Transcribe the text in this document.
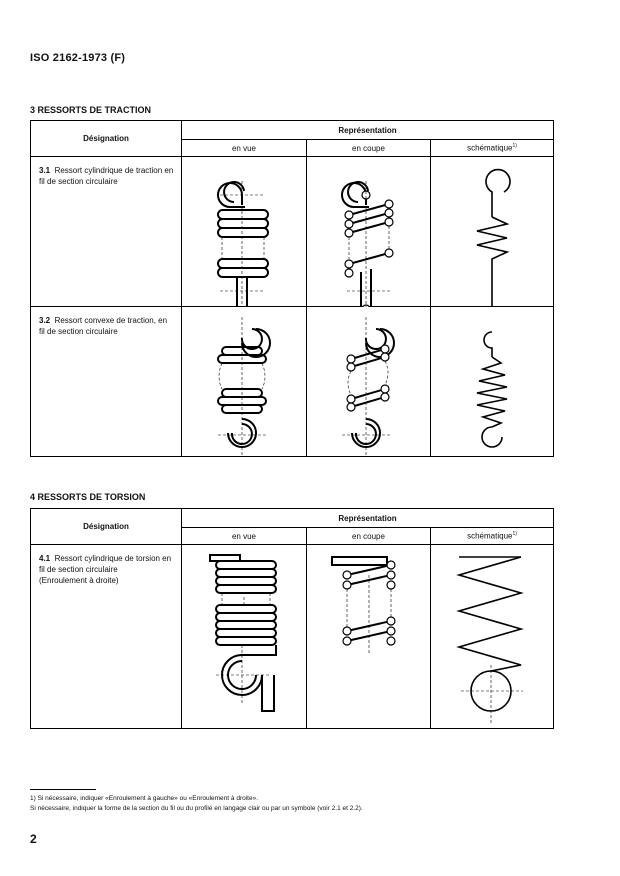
ISO 2162-1973 (F)
3 RESSORTS DE TRACTION
Désignation	Représentation		
	en vue	en coupe	schématique$^{1)}$
3.1 Ressort cylindrique de traction en fil de section circulaire	

3.2 Ressort convexe de traction, en fil de section circulaire	

4 RESSORTS DE TORSION
Désignation	Représentation		
	en vue	en coupe	schématique$^{1)}$
4.1 Ressort cylindrique de torsion en fil de section circulaire
(Enroulement à droite)	

1) Si nécessaire, indiquer «Enroulement à gauche» ou «Enroulement à droite».
Si nécessaire, indiquer la forme de la section du fil ou du profilé en langage clair ou par un symbole (voir 2.1 et 2.2).
2
